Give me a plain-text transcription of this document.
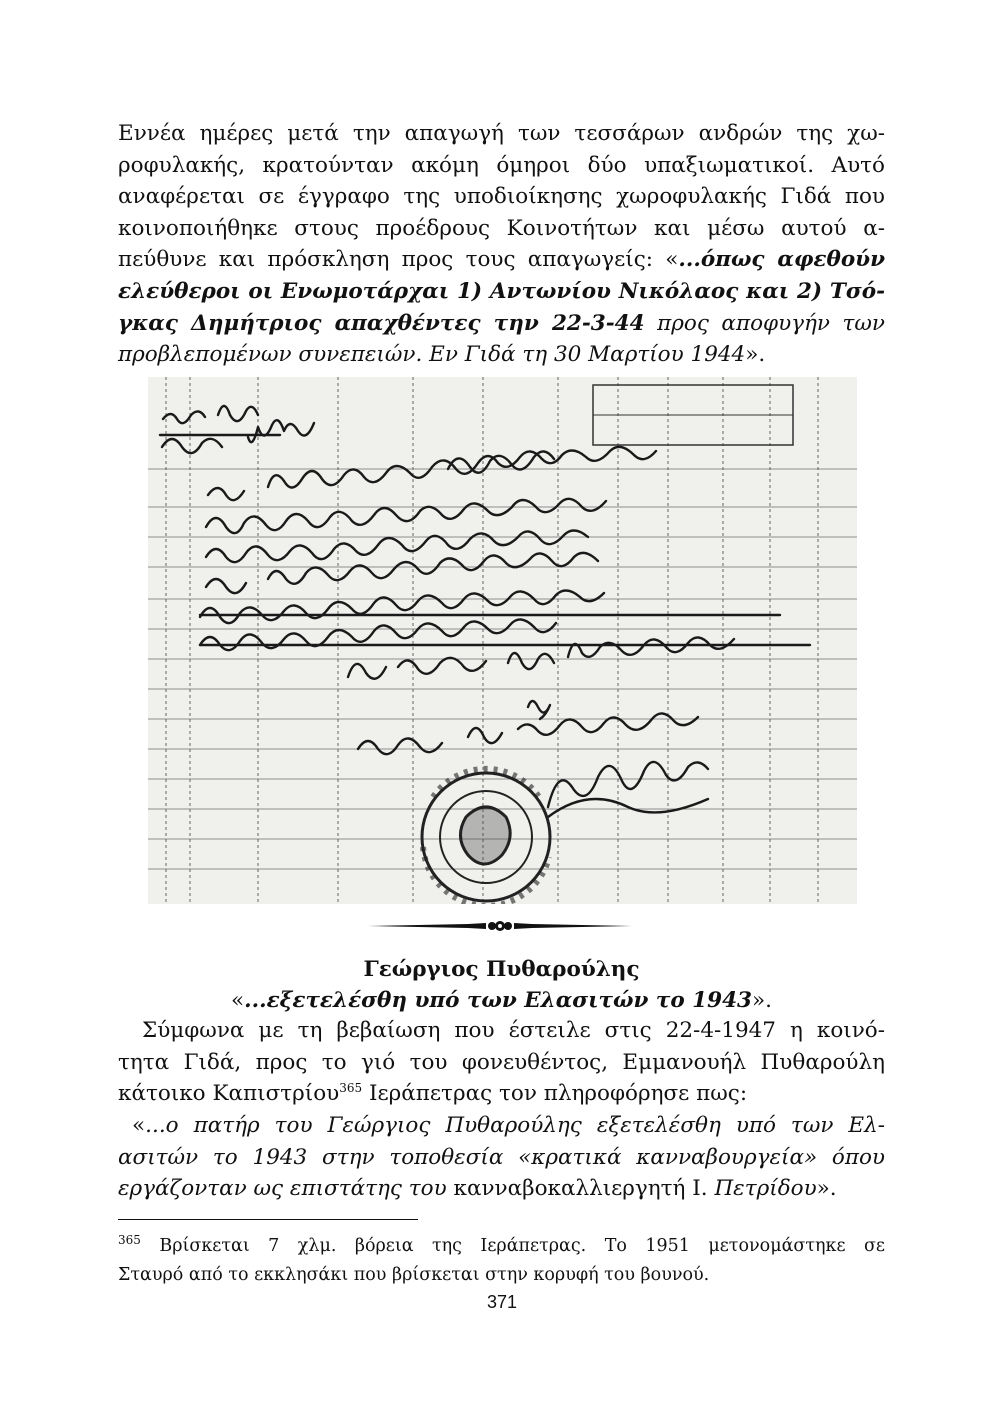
Εννέα ημέρες μετά την απαγωγή των τεσσάρων ανδρών της χω-
ροφυλακής, κρατούνταν ακόμη όμηροι δύο υπαξιωματικοί. Αυτό
αναφέρεται σε έγγραφο της υποδιοίκησης χωροφυλακής Γιδά που
κοινοποιήθηκε στους προέδρους Κοινοτήτων και μέσω αυτού α-
πεύθυνε και πρόσκληση προς τους απαγωγείς: «...όπως αφεθούν
ελεύθεροι οι Ενωμοτάρχαι 1) Αντωνίου Νικόλαος και 2) Τσό-
γκας Δημήτριος απαχθέντες την 22-3-44 προς αποφυγήν των
προβλεπομένων συνεπειών. Εν Γιδά τη 30 Μαρτίου 1944».
Γεώργιος Πυθαρούλης
«...εξετελέσθη υπό των Ελασιτών το 1943».
Σύμφωνα με τη βεβαίωση που έστειλε στις 22-4-1947 η κοινό-
τητα Γιδά, προς το γιό του φονευθέντος, Εμμανουήλ Πυθαρούλη
κάτοικο Καπιστρίου$^{365}$ Ιεράπετρας τον πληροφόρησε πως:
«...ο πατήρ του Γεώργιος Πυθαρούλης εξετελέσθη υπό των Ελ-
ασιτών το 1943 στην τοποθεσία «κρατικά κανναβουργεία» όπου
εργάζονταν ως επιστάτης του κανναβοκαλλιεργητή Ι. Πετρίδου».
$^{365}$ Βρίσκεται 7 χλμ. βόρεια της Ιεράπετρας. Το 1951 μετονομάστηκε σε
Σταυρό από το εκκλησάκι που βρίσκεται στην κορυφή του βουνού.
371
